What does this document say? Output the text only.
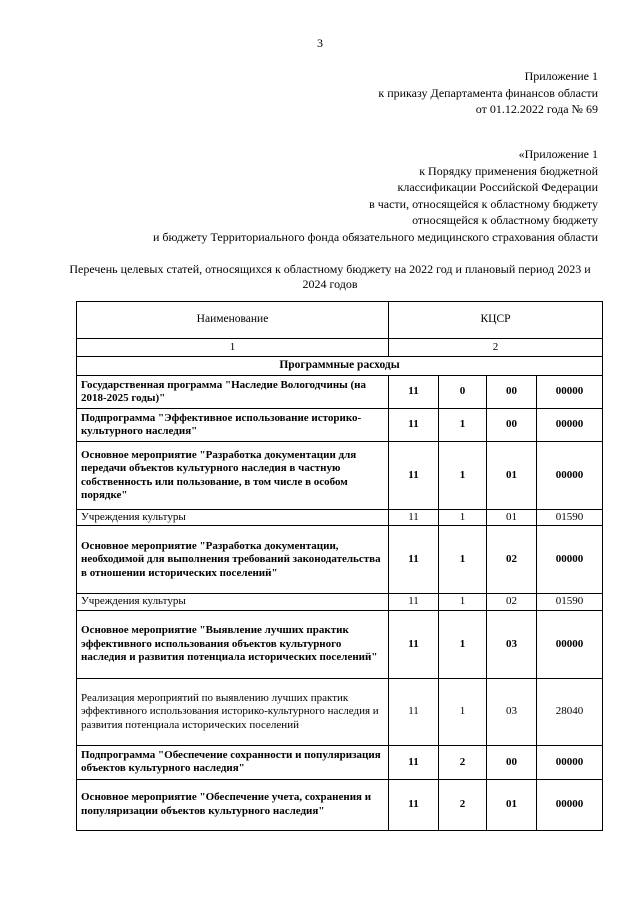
3
Приложение 1
к приказу Департамента финансов области
от 01.12.2022 года № 69
«Приложение 1
к Порядку применения бюджетной
классификации Российской Федерации
в части, относящейся к областному бюджету
относящейся к областному бюджету
и бюджету Территориального фонда обязательного медицинского страхования области
Перечень целевых статей, относящихся к областному бюджету на 2022 год и плановый период 2023 и 2024 годов
Наименование	КЦСР			
1	2			
Программные расходы				
Государственная программа "Наследие Вологодчины (на 2018-2025 годы)"	11	0	00	00000
Подпрограмма "Эффективное использование историко-культурного наследия"	11	1	00	00000
Основное мероприятие "Разработка документации для передачи объектов культурного наследия в частную собственность или пользование, в том числе в особом порядке"	11	1	01	00000
Учреждения культуры	11	1	01	01590
Основное мероприятие "Разработка документации, необходимой для выполнения требований законодательства в отношении исторических поселений"	11	1	02	00000
Учреждения культуры	11	1	02	01590
Основное мероприятие "Выявление лучших практик эффективного использования объектов культурного наследия и развития потенциала исторических поселений"	11	1	03	00000
Реализация мероприятий по выявлению лучших практик эффективного использования историко-культурного наследия и развития потенциала исторических поселений	11	1	03	28040
Подпрограмма "Обеспечение сохранности и популяризация объектов культурного наследия"	11	2	00	00000
Основное мероприятие "Обеспечение учета, сохранения и популяризации объектов культурного наследия"	11	2	01	00000
